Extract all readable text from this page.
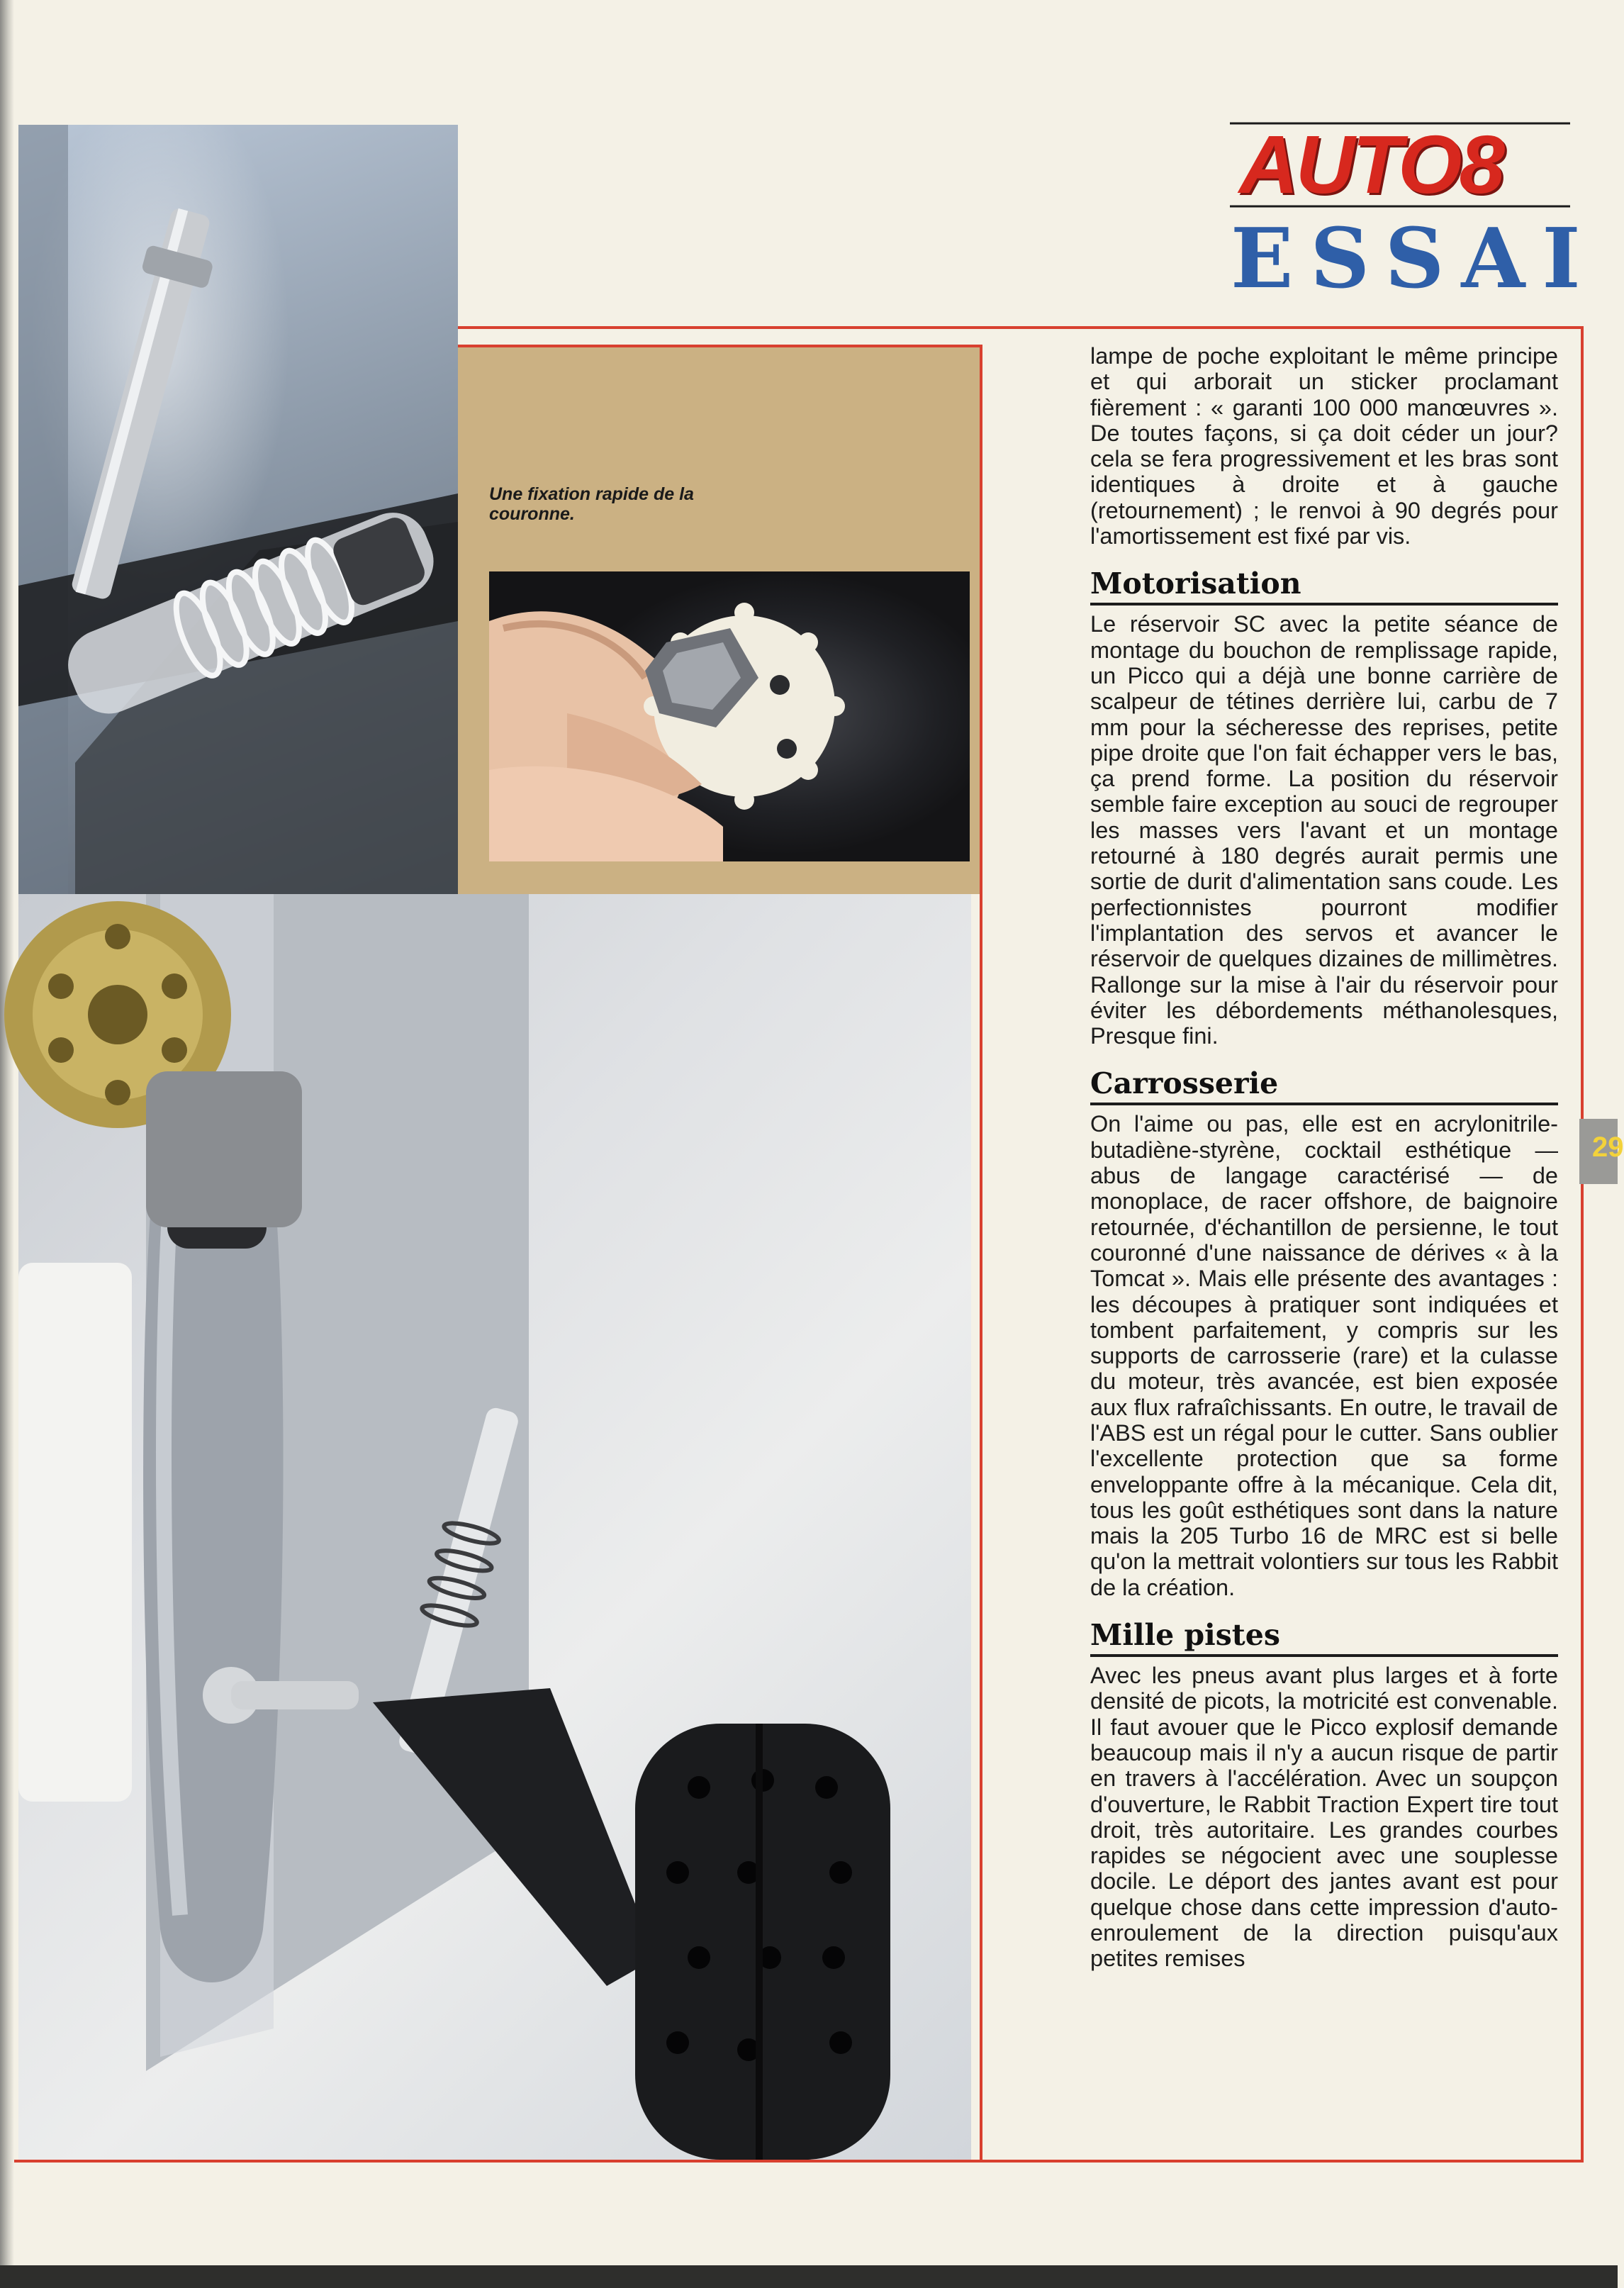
Une fixation rapide de la couronne.
AUTO8
ESSAI

lampe de poche exploitant le même principe et qui arborait un sticker proclamant fièrement : « garanti 100 000 manœuvres ». De toutes façons, si ça doit céder un jour? cela se fera progressivement et les bras sont identiques à droite et à gauche (retournement) ; le renvoi à 90 degrés pour l'amortissement est fixé par vis.

Motorisation

Le réservoir SC avec la petite séance de montage du bouchon de remplissage rapide, un Picco qui a déjà une bonne carrière de scalpeur de tétines derrière lui, carbu de 7 mm pour la sécheresse des reprises, petite pipe droite que l'on fait échapper vers le bas, ça prend forme. La position du réservoir semble faire exception au souci de regrouper les masses vers l'avant et un montage retourné à 180 degrés aurait permis une sortie de durit d'alimentation sans coude. Les perfectionnistes pourront modifier l'implantation des servos et avancer le réservoir de quelques dizaines de millimètres. Rallonge sur la mise à l'air du réservoir pour éviter les débordements méthanolesques, Presque fini.

Carrosserie

On l'aime ou pas, elle est en acrylonitrile-butadiène-styrène, cocktail esthétique — abus de langage caractérisé — de monoplace, de racer offshore, de baignoire retournée, d'échantillon de persienne, le tout couronné d'une naissance de dérives « à la Tomcat ». Mais elle présente des avantages : les découpes à pratiquer sont indiquées et tombent parfaitement, y compris sur les supports de carrosserie (rare) et la culasse du moteur, très avancée, est bien exposée aux flux rafraîchissants. En outre, le travail de l'ABS est un régal pour le cutter. Sans oublier l'excellente protection que sa forme enveloppante offre à la mécanique. Cela dit, tous les goût esthétiques sont dans la nature mais la 205 Turbo 16 de MRC est si belle qu'on la mettrait volontiers sur tous les Rabbit de la création.

Mille pistes

Avec les pneus avant plus larges et à forte densité de picots, la motricité est convenable. Il faut avouer que le Picco explosif demande beaucoup mais il n'y a aucun risque de partir en travers à l'accélération. Avec un soupçon d'ouverture, le Rabbit Traction Expert tire tout droit, très autoritaire. Les grandes courbes rapides se négocient avec une souplesse docile. Le déport des jantes avant est pour quelque chose dans cette impression d'auto-enroulement de la direction puisqu'aux petites remises

29
